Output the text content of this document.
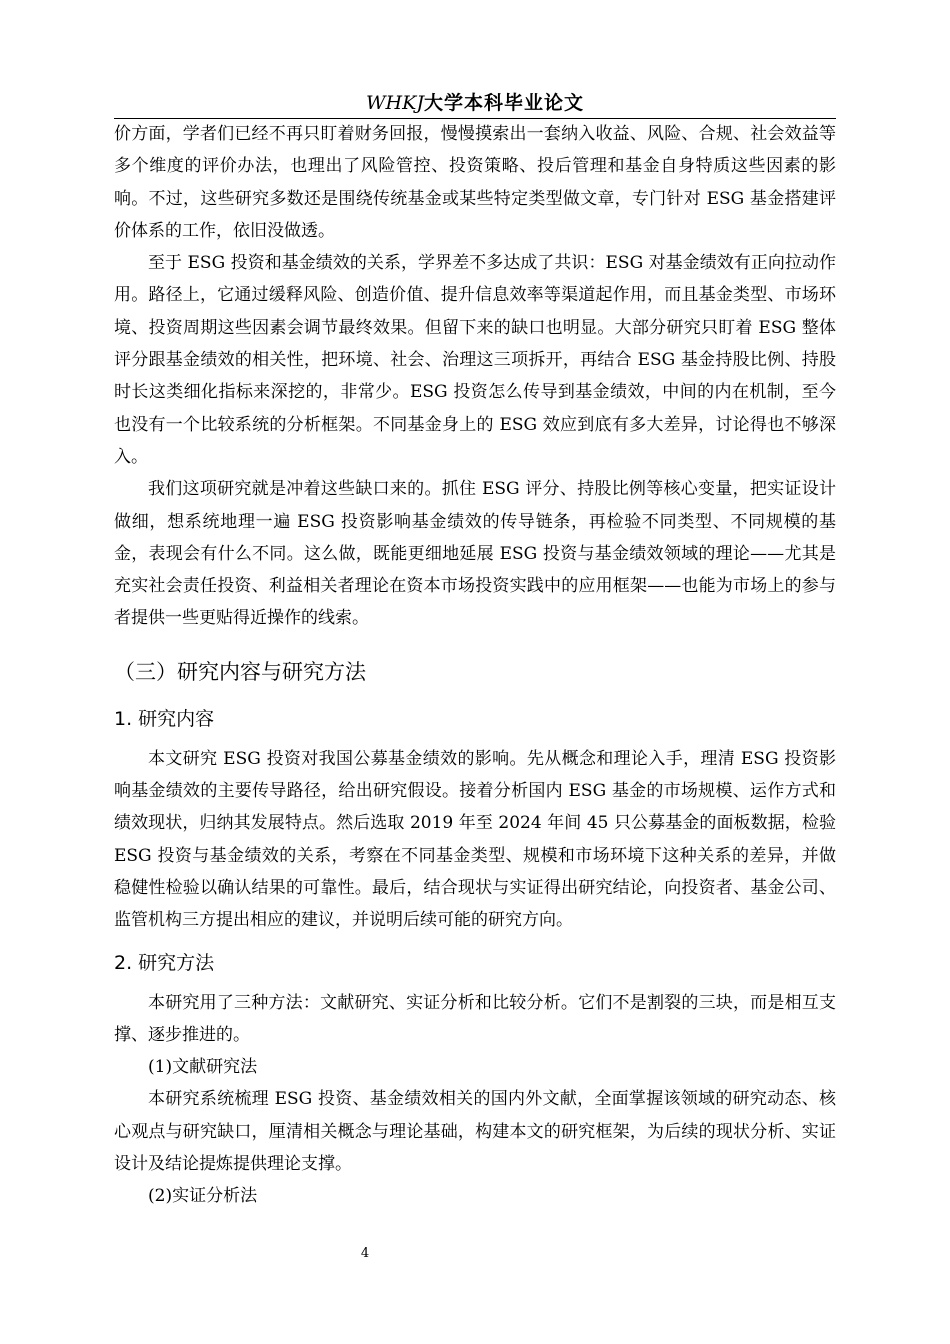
WHKJ大学本科毕业论文

价方面，学者们已经不再只盯着财务回报，慢慢摸索出一套纳入收益、风险、合规、社会效益等多个维度的评价办法，也理出了风险管控、投资策略、投后管理和基金自身特质这些因素的影响。不过，这些研究多数还是围绕传统基金或某些特定类型做文章，专门针对 ESG 基金搭建评价体系的工作，依旧没做透。

至于 ESG 投资和基金绩效的关系，学界差不多达成了共识：ESG 对基金绩效有正向拉动作用。路径上，它通过缓释风险、创造价值、提升信息效率等渠道起作用，而且基金类型、市场环境、投资周期这些因素会调节最终效果。但留下来的缺口也明显。大部分研究只盯着 ESG 整体评分跟基金绩效的相关性，把环境、社会、治理这三项拆开，再结合 ESG 基金持股比例、持股时长这类细化指标来深挖的，非常少。ESG 投资怎么传导到基金绩效，中间的内在机制，至今也没有一个比较系统的分析框架。不同基金身上的 ESG 效应到底有多大差异，讨论得也不够深入。

我们这项研究就是冲着这些缺口来的。抓住 ESG 评分、持股比例等核心变量，把实证设计做细，想系统地理一遍 ESG 投资影响基金绩效的传导链条，再检验不同类型、不同规模的基金，表现会有什么不同。这么做，既能更细地延展 ESG 投资与基金绩效领域的理论——尤其是充实社会责任投资、利益相关者理论在资本市场投资实践中的应用框架——也能为市场上的参与者提供一些更贴得近操作的线索。

（三）研究内容与研究方法
1. 研究内容

本文研究 ESG 投资对我国公募基金绩效的影响。先从概念和理论入手，理清 ESG 投资影响基金绩效的主要传导路径，给出研究假设。接着分析国内 ESG 基金的市场规模、运作方式和绩效现状，归纳其发展特点。然后选取 2019 年至 2024 年间 45 只公募基金的面板数据，检验 ESG 投资与基金绩效的关系，考察在不同基金类型、规模和市场环境下这种关系的差异，并做稳健性检验以确认结果的可靠性。最后，结合现状与实证得出研究结论，向投资者、基金公司、监管机构三方提出相应的建议，并说明后续可能的研究方向。

2. 研究方法

本研究用了三种方法：文献研究、实证分析和比较分析。它们不是割裂的三块，而是相互支撑、逐步推进的。

(1)文献研究法

本研究系统梳理 ESG 投资、基金绩效相关的国内外文献，全面掌握该领域的研究动态、核心观点与研究缺口，厘清相关概念与理论基础，构建本文的研究框架，为后续的现状分析、实证设计及结论提炼提供理论支撑。

(2)实证分析法

4
